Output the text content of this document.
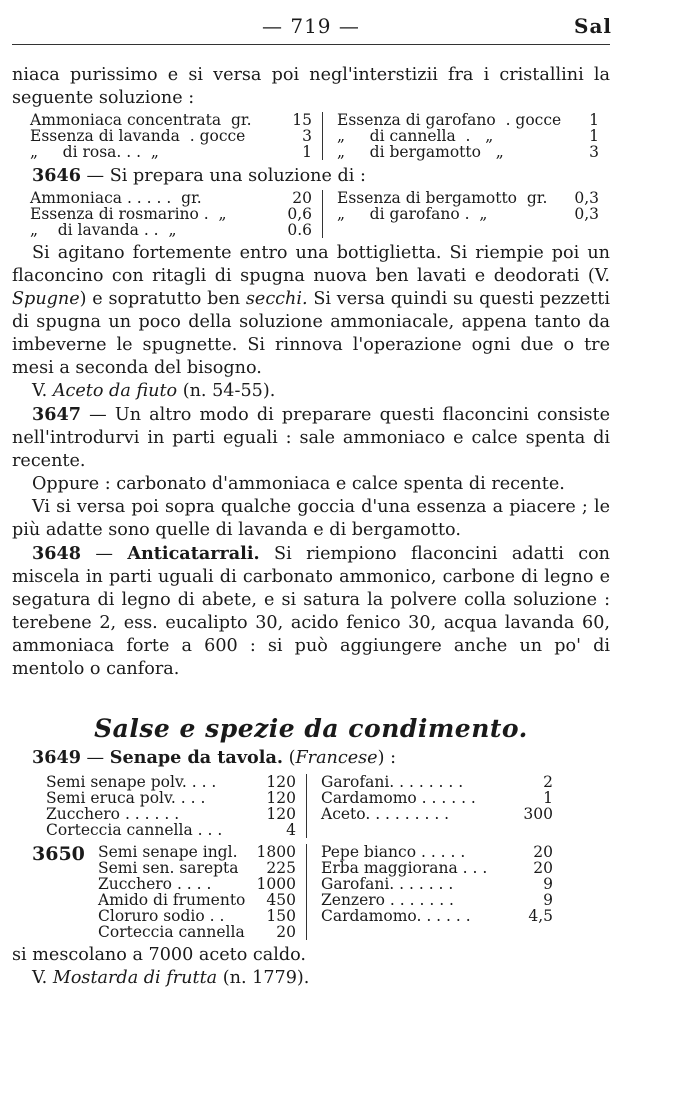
— 719 —	Sal

niaca purissimo e si versa poi negl'interstizii fra i cristallini la seguente soluzione :

Ammoniaca concentrata  gr.	15
Essenza di lavanda  . gocce	3
„     di rosa. . .  „	1
Essenza di garofano  . gocce 1
„     di cannella  .   „	1
„     di bergamotto   „	3

3646 — Si prepara una soluzione di :

Ammoniaca . . . . .  gr.	20
Essenza di rosmarino .  „	0,6
„    di lavanda . .  „	0.6
Essenza di bergamotto  gr. 0,3
„     di garofano .  „	0,3

Si agitano fortemente entro una bottiglietta. Si riempie poi un flaconcino con ritagli di spugna nuova ben lavati e deodorati (V. Spugne) e sopratutto ben secchi. Si versa quindi su questi pezzetti di spugna un poco della soluzione ammoniacale, appena tanto da imbeverne le spugnette. Si rinnova l'operazione ogni due o tre mesi a seconda del bisogno.

V. Aceto da fiuto (n. 54-55).

3647 — Un altro modo di preparare questi flaconcini consiste nell'introdurvi in parti eguali : sale ammoniaco e calce spenta di recente.

Oppure : carbonato d'ammoniaca e calce spenta di recente.

Vi si versa poi sopra qualche goccia d'una essenza a piacere ; le più adatte sono quelle di lavanda e di bergamotto.

3648 — Anticatarrali. Si riempiono flaconcini adatti con miscela in parti uguali di carbonato ammonico, carbone di legno e segatura di legno di abete, e si satura la polvere colla soluzione : terebene 2, ess. eucalipto 30, acido fenico 30, acqua lavanda 60, ammoniaca forte a 600 : si può aggiungere anche un po' di mentolo o canfora.

Salse e spezie da condimento.

3649 — Senape da tavola. (Francese) :

Semi senape polv. . . .	120
Semi eruca polv. . . .	120
Zucchero . . . . . .	120
Corteccia cannella . . .	4
Garofani. . . . . . . .	2
Cardamomo . . . . . .	1
Aceto. . . . . . . . .	300
3650 Semi senape ingl. 1800
Semi sen. sarepta 225
Zucchero . . . .	1000
Amido di frumento 450
Cloruro sodio . .	150
Corteccia cannella 20
Pepe bianco . . . . .	20
Erba maggiorana . . .	20
Garofani. . . . . . .	9
Zenzero . . . . . . .	9
Cardamomo. . . . . .	4,5

si mescolano a 7000 aceto caldo.

V. Mostarda di frutta (n. 1779).
